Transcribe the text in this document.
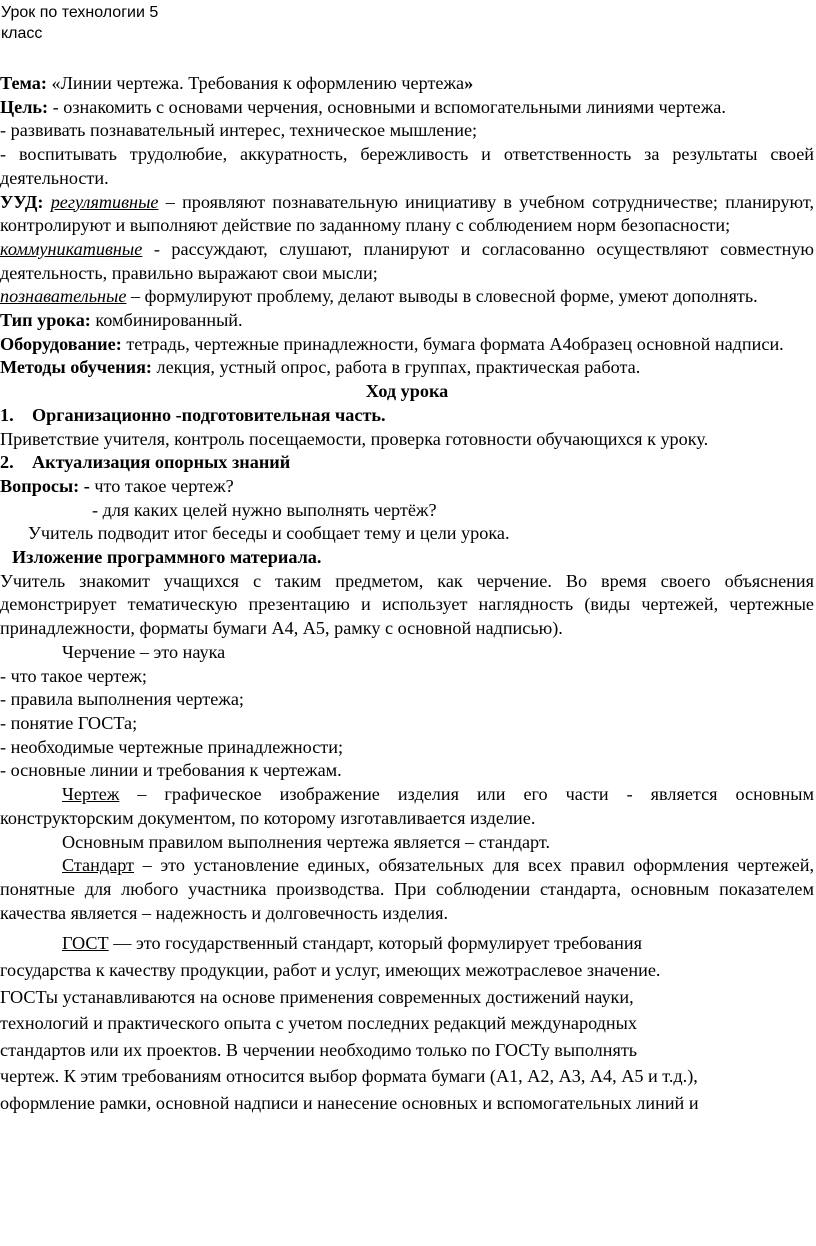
Урок по технологии 5
класс

Тема: «Линии чертежа. Требования к оформлению чертежа»

Цель: - ознакомить с основами черчения, основными и вспомогательными линиями чертежа.

- развивать познавательный интерес, техническое мышление;

- воспитывать трудолюбие, аккуратность, бережливость и ответственность за результаты своей деятельности.

УУД: регулятивные – проявляют познавательную инициативу в учебном сотрудничестве; планируют, контролируют и выполняют действие по заданному плану с соблюдением норм безопасности;

коммуникативные - рассуждают, слушают, планируют и согласованно осуществляют совместную деятельность, правильно выражают свои мысли;

познавательные – формулируют проблему, делают выводы в словесной форме, умеют дополнять.

Тип урока: комбинированный.

Оборудование: тетрадь, чертежные принадлежности, бумага формата А4образец основной надписи.

Методы обучения: лекция, устный опрос, работа в группах, практическая работа.

Ход урока

1. Организационно -подготовительная часть.

Приветствие учителя, контроль посещаемости, проверка готовности обучающихся к уроку.

2. Актуализация опорных знаний

Вопросы: - что такое чертеж?

- для каких целей нужно выполнять чертёж?

Учитель подводит итог беседы и сообщает тему и цели урока.

Изложение программного материала.

Учитель знакомит учащихся с таким предметом, как черчение. Во время своего объяснения демонстрирует тематическую презентацию и использует наглядность (виды чертежей, чертежные принадлежности, форматы бумаги А4, А5, рамку с основной надписью).

Черчение – это наука

- что такое чертеж;

- правила выполнения чертежа;

- понятие ГОСТа;

- необходимые чертежные принадлежности;

- основные линии и требования к чертежам.

Чертеж – графическое изображение изделия или его части - является основным конструкторским документом, по которому изготавливается изделие.

Основным правилом выполнения чертежа является – стандарт.

Стандарт – это установление единых, обязательных для всех правил оформления чертежей, понятные для любого участника производства. При соблюдении стандарта, основным показателем качества является – надежность и долговечность изделия.

ГОСТ — это государственный стандарт, который формулирует требования

государства к качеству продукции, работ и услуг, имеющих межотраслевое значение.

ГОСТы устанавливаются на основе применения современных достижений науки,

технологий и практического опыта с учетом последних редакций международных

стандартов или их проектов. В черчении необходимо только по ГОСТу выполнять

чертеж. К этим требованиям относится выбор формата бумаги (А1, А2, А3, А4, А5 и т.д.),

оформление рамки, основной надписи и нанесение основных и вспомогательных линий и
